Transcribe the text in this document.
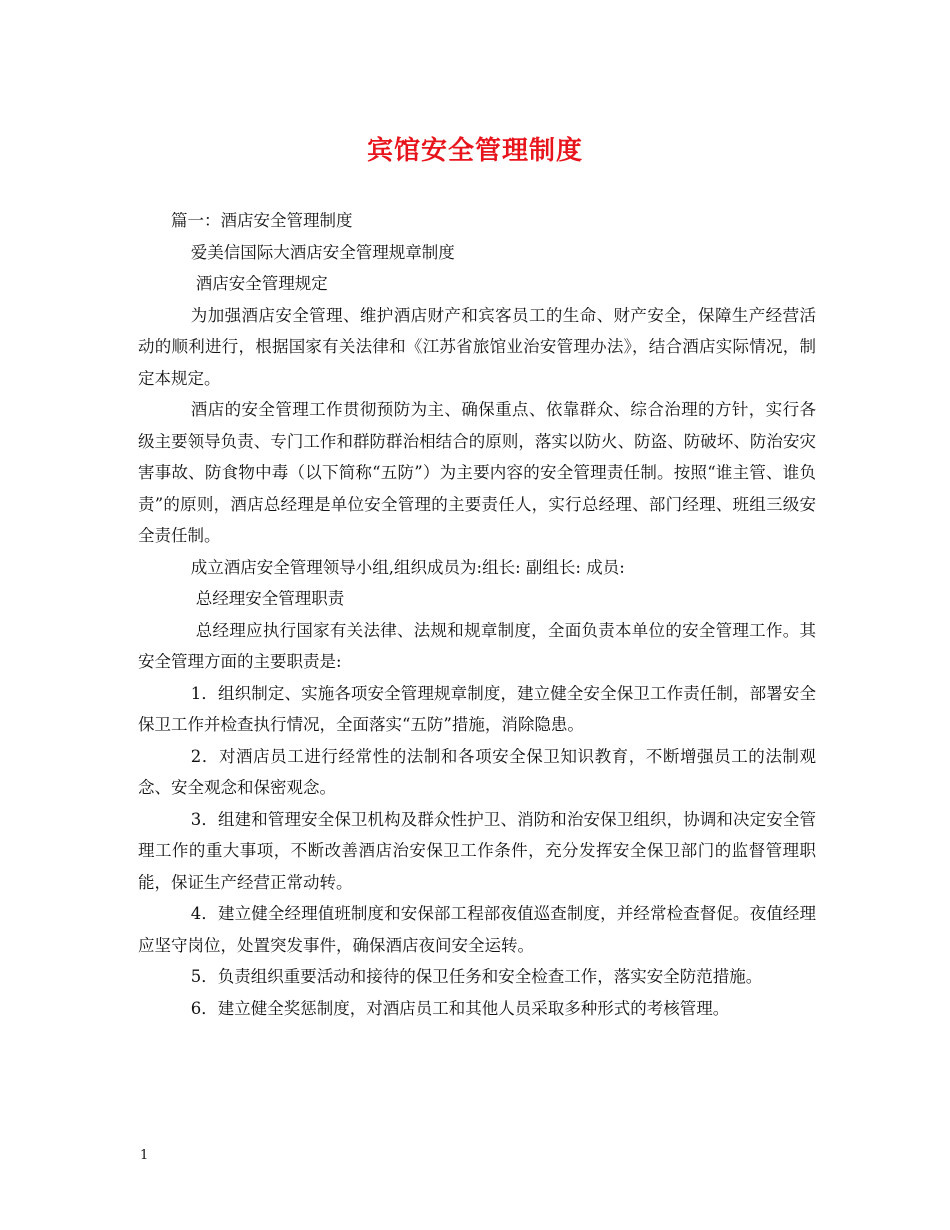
宾馆安全管理制度

篇一：酒店安全管理制度

爱美信国际大酒店安全管理规章制度

酒店安全管理规定

为加强酒店安全管理、维护酒店财产和宾客员工的生命、财产安全，保障生产经营活动的顺利进行，根据国家有关法律和《江苏省旅馆业治安管理办法》，结合酒店实际情况，制定本规定。

酒店的安全管理工作贯彻预防为主、确保重点、依靠群众、综合治理的方针，实行各级主要领导负责、专门工作和群防群治相结合的原则，落实以防火、防盗、防破坏、防治安灾害事故、防食物中毒（以下简称“五防”）为主要内容的安全管理责任制。按照“谁主管、谁负责”的原则，酒店总经理是单位安全管理的主要责任人，实行总经理、部门经理、班组三级安全责任制。

成立酒店安全管理领导小组,组织成员为:组长: 副组长: 成员:

总经理安全管理职责

总经理应执行国家有关法律、法规和规章制度，全面负责本单位的安全管理工作。其安全管理方面的主要职责是:

1．组织制定、实施各项安全管理规章制度，建立健全安全保卫工作责任制，部署安全保卫工作并检查执行情况，全面落实“五防”措施，消除隐患。

2．对酒店员工进行经常性的法制和各项安全保卫知识教育，不断增强员工的法制观念、安全观念和保密观念。

3．组建和管理安全保卫机构及群众性护卫、消防和治安保卫组织，协调和决定安全管理工作的重大事项，不断改善酒店治安保卫工作条件，充分发挥安全保卫部门的监督管理职能，保证生产经营正常动转。

4．建立健全经理值班制度和安保部工程部夜值巡查制度，并经常检查督促。夜值经理应坚守岗位，处置突发事件，确保酒店夜间安全运转。

5．负责组织重要活动和接待的保卫任务和安全检查工作，落实安全防范措施。

6．建立健全奖惩制度，对酒店员工和其他人员采取多种形式的考核管理。

1
